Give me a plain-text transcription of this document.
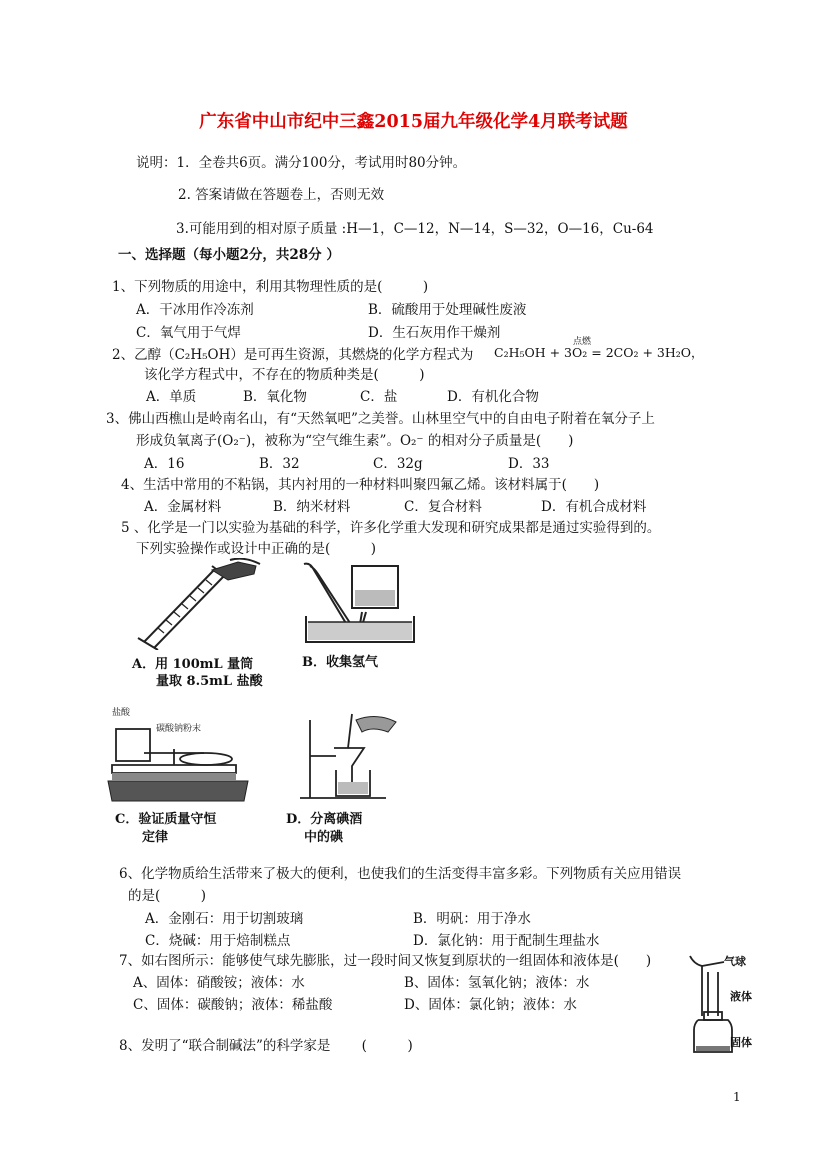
广东省中山市纪中三鑫2015届九年级化学4月联考试题
说明：1．全卷共6页。满分100分，考试用时80分钟。
2. 答案请做在答题卷上，否则无效
3.可能用到的相对原子质量 :H—1，C—12，N—14，S—32，O—16，Cu-64
一、选择题（每小题2分，共28分 ）
1、下列物质的用途中，利用其物理性质的是(　　　)
A．干冰用作冷冻剂	B．硫酸用于处理碱性废液
C．氧气用于气焊	D．生石灰用作干燥剂
2、乙醇（C₂H₅OH）是可再生资源，其燃烧的化学方程式为
点燃
C₂H₅OH + 3O₂ = 2CO₂ + 3H₂O，
该化学方程式中，不存在的物质种类是(　　　)
A．单质	B．氧化物	C．盐	D．有机化合物
3、佛山西樵山是岭南名山，有“天然氧吧”之美誉。山林里空气中的自由电子附着在氧分子上
形成负氧离子(O₂⁻)，被称为“空气维生素”。O₂⁻ 的相对分子质量是(　　)
A．16	B．32	C．32g	D．33
4、生活中常用的不粘锅，其内衬用的一种材料叫聚四氟乙烯。该材料属于(　　)
A．金属材料	B．纳米材料	C．复合材料	D．有机合成材料
5 、化学是一门以实验为基础的科学，许多化学重大发现和研究成果都是通过实验得到的。
下列实验操作或设计中正确的是(　　　)
A．用 100mL 量筒
量取 8.5mL 盐酸
B．收集氢气
盐酸
碳酸钠粉末
C．验证质量守恒
定律
D．分离碘酒
中的碘
6、化学物质给生活带来了极大的便利，也使我们的生活变得丰富多彩。下列物质有关应用错误
的是(　　　)
A．金刚石：用于切割玻璃	B．明矾：用于净水
C．烧碱：用于焙制糕点	D．氯化钠：用于配制生理盐水
7、如右图所示：能够使气球先膨胀，过一段时间又恢复到原状的一组固体和液体是(　　)
A、固体：硝酸铵；液体：水	B、固体：氢氧化钠；液体：水
C、固体：碳酸钠；液体：稀盐酸	D、固体：氯化钠；液体：水
气球
液体
固体
8、发明了“联合制碱法”的科学家是　　 (　　　)
1
